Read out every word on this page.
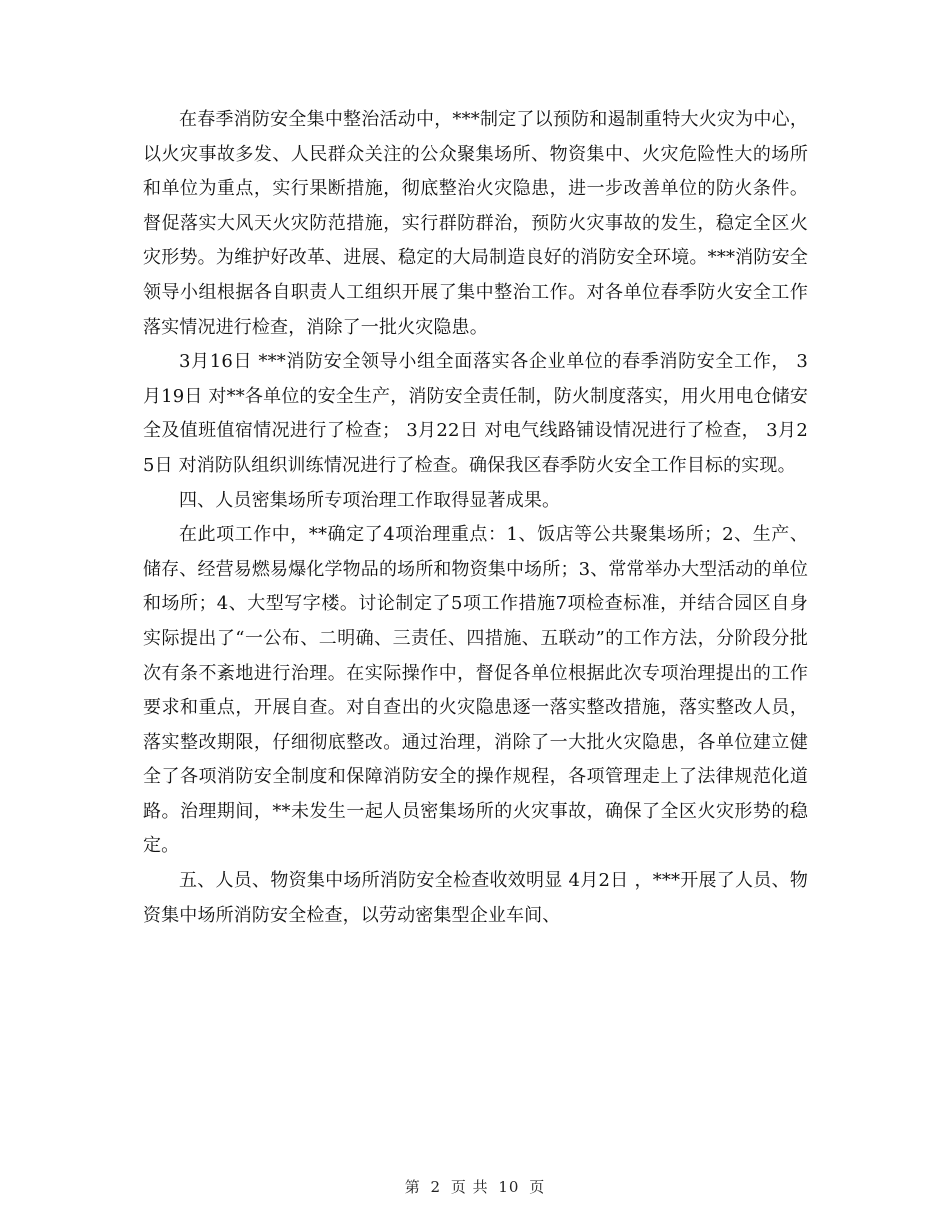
在春季消防安全集中整治活动中，***制定了以预防和遏制重特大火灾为中心，以火灾事故多发、人民群众关注的公众聚集场所、物资集中、火灾危险性大的场所和单位为重点，实行果断措施，彻底整治火灾隐患，进一步改善单位的防火条件。督促落实大风天火灾防范措施，实行群防群治，预防火灾事故的发生，稳定全区火灾形势。为维护好改革、进展、稳定的大局制造良好的消防安全环境。***消防安全领导小组根据各自职责人工组织开展了集中整治工作。对各单位春季防火安全工作落实情况进行检查，消除了一批火灾隐患。

3月16日 ***消防安全领导小组全面落实各企业单位的春季消防安全工作， 3月19日 对**各单位的安全生产，消防安全责任制，防火制度落实，用火用电仓储安全及值班值宿情况进行了检查； 3月22日 对电气线路铺设情况进行了检查， 3月25日 对消防队组织训练情况进行了检查。确保我区春季防火安全工作目标的实现。

四、人员密集场所专项治理工作取得显著成果。

在此项工作中，**确定了4项治理重点：1、饭店等公共聚集场所；2、生产、储存、经营易燃易爆化学物品的场所和物资集中场所；3、常常举办大型活动的单位和场所；4、大型写字楼。讨论制定了5项工作措施7项检查标准，并结合园区自身实际提出了“一公布、二明确、三责任、四措施、五联动”的工作方法，分阶段分批次有条不紊地进行治理。在实际操作中，督促各单位根据此次专项治理提出的工作要求和重点，开展自查。对自查出的火灾隐患逐一落实整改措施，落实整改人员，落实整改期限，仔细彻底整改。通过治理，消除了一大批火灾隐患，各单位建立健全了各项消防安全制度和保障消防安全的操作规程，各项管理走上了法律规范化道路。治理期间，**未发生一起人员密集场所的火灾事故，确保了全区火灾形势的稳定。

五、人员、物资集中场所消防安全检查收效明显 4月2日 ，***开展了人员、物资集中场所消防安全检查，以劳动密集型企业车间、

第 2 页 共 10 页
